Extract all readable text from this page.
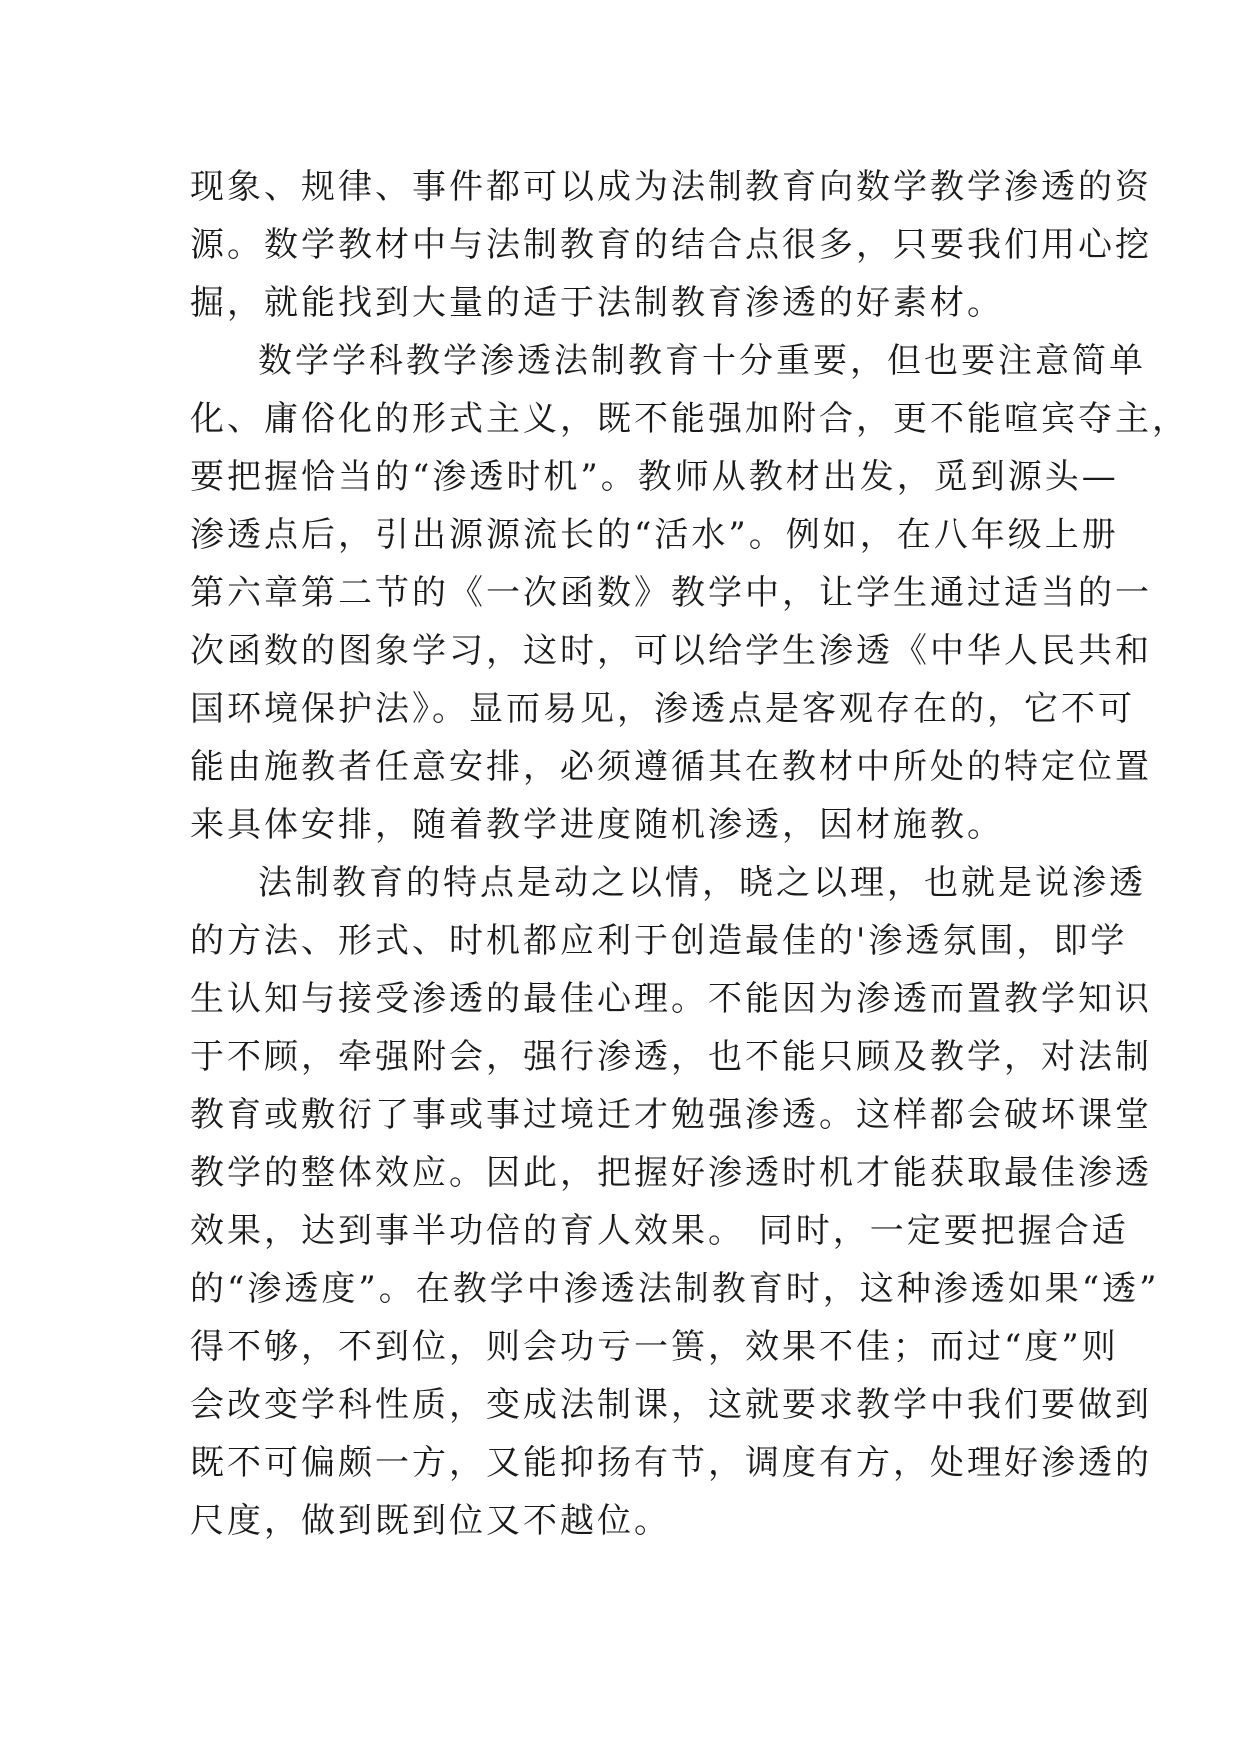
现象、规律、事件都可以成为法制教育向数学教学渗透的资
源。数学教材中与法制教育的结合点很多，只要我们用心挖
掘，就能找到大量的适于法制教育渗透的好素材。
数学学科教学渗透法制教育十分重要，但也要注意简单
化、庸俗化的形式主义，既不能强加附合，更不能喧宾夺主，
要把握恰当的“渗透时机”。教师从教材出发，觅到源头—
渗透点后，引出源源流长的“活水”。例如，在八年级上册
第六章第二节的《一次函数》教学中，让学生通过适当的一
次函数的图象学习，这时，可以给学生渗透《中华人民共和
国环境保护法》。显而易见，渗透点是客观存在的，它不可
能由施教者任意安排，必须遵循其在教材中所处的特定位置
来具体安排，随着教学进度随机渗透，因材施教。
法制教育的特点是动之以情，晓之以理，也就是说渗透
的方法、形式、时机都应利于创造最佳的'渗透氛围，即学
生认知与接受渗透的最佳心理。不能因为渗透而置教学知识
于不顾，牵强附会，强行渗透，也不能只顾及教学，对法制
教育或敷衍了事或事过境迁才勉强渗透。这样都会破坏课堂
教学的整体效应。因此，把握好渗透时机才能获取最佳渗透
效果，达到事半功倍的育人效果。 同时，一定要把握合适
的“渗透度”。在教学中渗透法制教育时，这种渗透如果“透”
得不够，不到位，则会功亏一篑，效果不佳；而过“度”则
会改变学科性质，变成法制课，这就要求教学中我们要做到
既不可偏颇一方，又能抑扬有节，调度有方，处理好渗透的
尺度，做到既到位又不越位。
